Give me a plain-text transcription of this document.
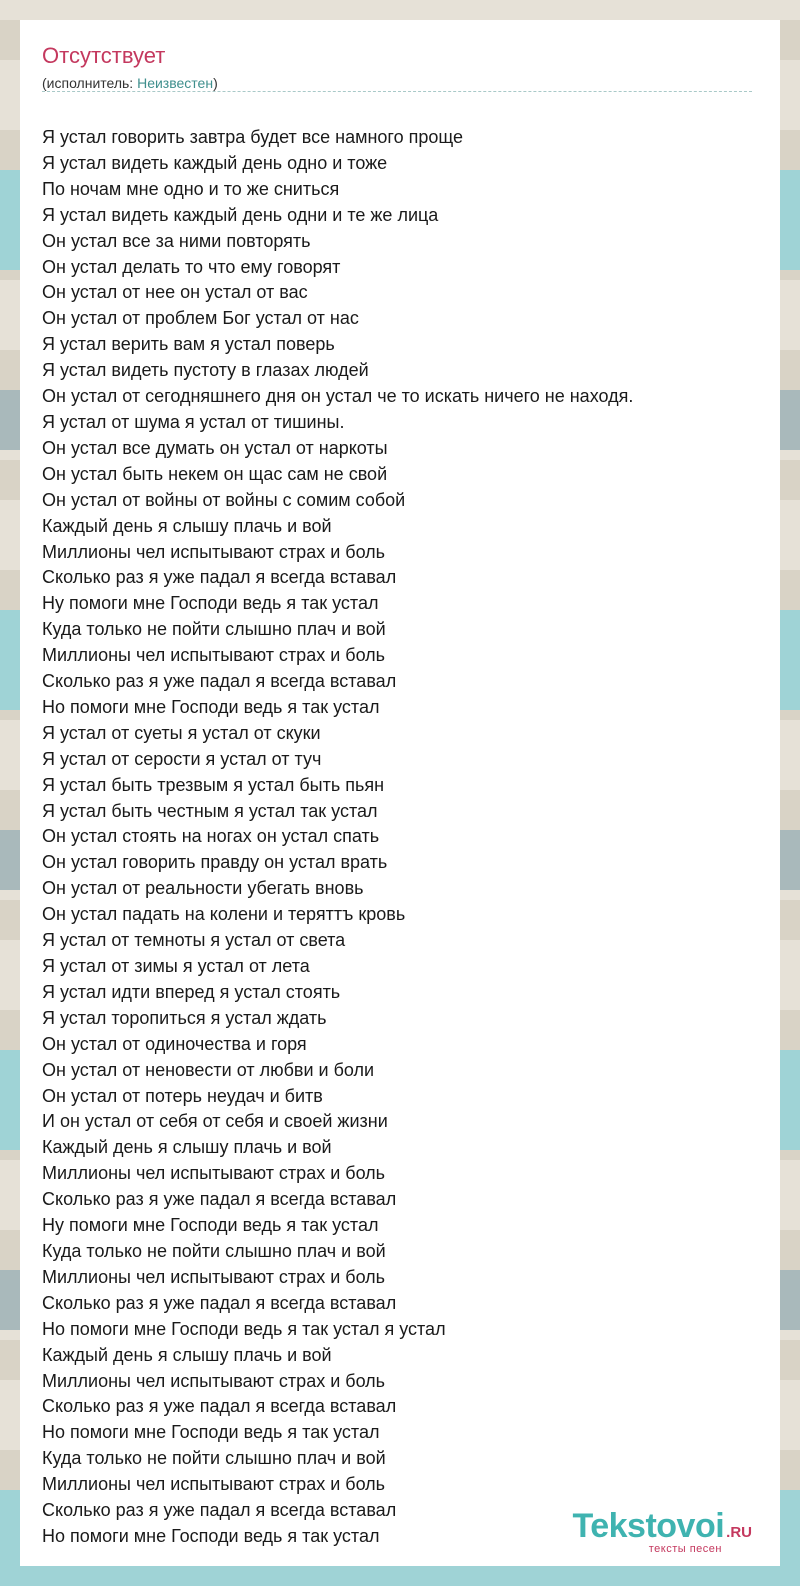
Отсутствует
(исполнитель: Неизвестен)
Я устал говорить завтра будет все намного проще
Я устал видеть каждый день одно и тоже
По ночам мне одно и то же сниться
Я устал видеть каждый день одни и те же лица
Он устал все за ними повторять
Он устал делать то что ему говорят
Он устал от нее он устал от вас
Он устал от проблем Бог устал от нас
Я устал верить вам я устал поверь
Я устал видеть пустоту в глазах людей
Он устал от сегодняшнего дня он устал че то искать ничего не находя.
Я устал от шума я устал от тишины.
Он устал все думать он устал от наркоты
Он устал быть некем он щас сам не свой
Он устал от войны от войны с сомим собой
Каждый день я слышу плачь и вой
Миллионы чел испытывают страх и боль
Сколько раз я уже падал я всегда вставал
Ну помоги мне Господи ведь я так устал
Куда только не пойти слышно плач и вой
Миллионы чел испытывают страх и боль
Сколько раз я уже падал я всегда вставал
Но помоги мне Господи ведь я так устал
Я устал от суеты я устал от скуки
Я устал от серости я устал от туч
Я устал быть трезвым я устал быть пьян
Я устал быть честным я устал так устал
Он устал стоять на ногах он устал спать
Он устал говорить правду он устал врать
Он устал от реальности убегать вновь
Он устал падать на колени и теряттъ кровь
Я устал от темноты я устал от света
Я устал от зимы я устал от лета
Я устал идти вперед я устал стоять
Я устал торопиться я устал ждать
Он устал от одиночества и горя
Он устал от неновести от любви и боли
Он устал от потерь неудач и битв
И он устал от себя от себя и своей жизни
Каждый день я слышу плачь и вой
Миллионы чел испытывают страх и боль
Сколько раз я уже падал я всегда вставал
Ну помоги мне Господи ведь я так устал
Куда только не пойти слышно плач и вой
Миллионы чел испытывают страх и боль
Сколько раз я уже падал я всегда вставал
Но помоги мне Господи ведь я так устал я устал
Каждый день я слышу плачь и вой
Миллионы чел испытывают страх и боль
Сколько раз я уже падал я всегда вставал
Но помоги мне Господи ведь я так устал
Куда только не пойти слышно плач и вой
Миллионы чел испытывают страх и боль
Сколько раз я уже падал я всегда вставал
Но помоги мне Господи ведь я так устал	Tekstovoi .RU
тексты песен
